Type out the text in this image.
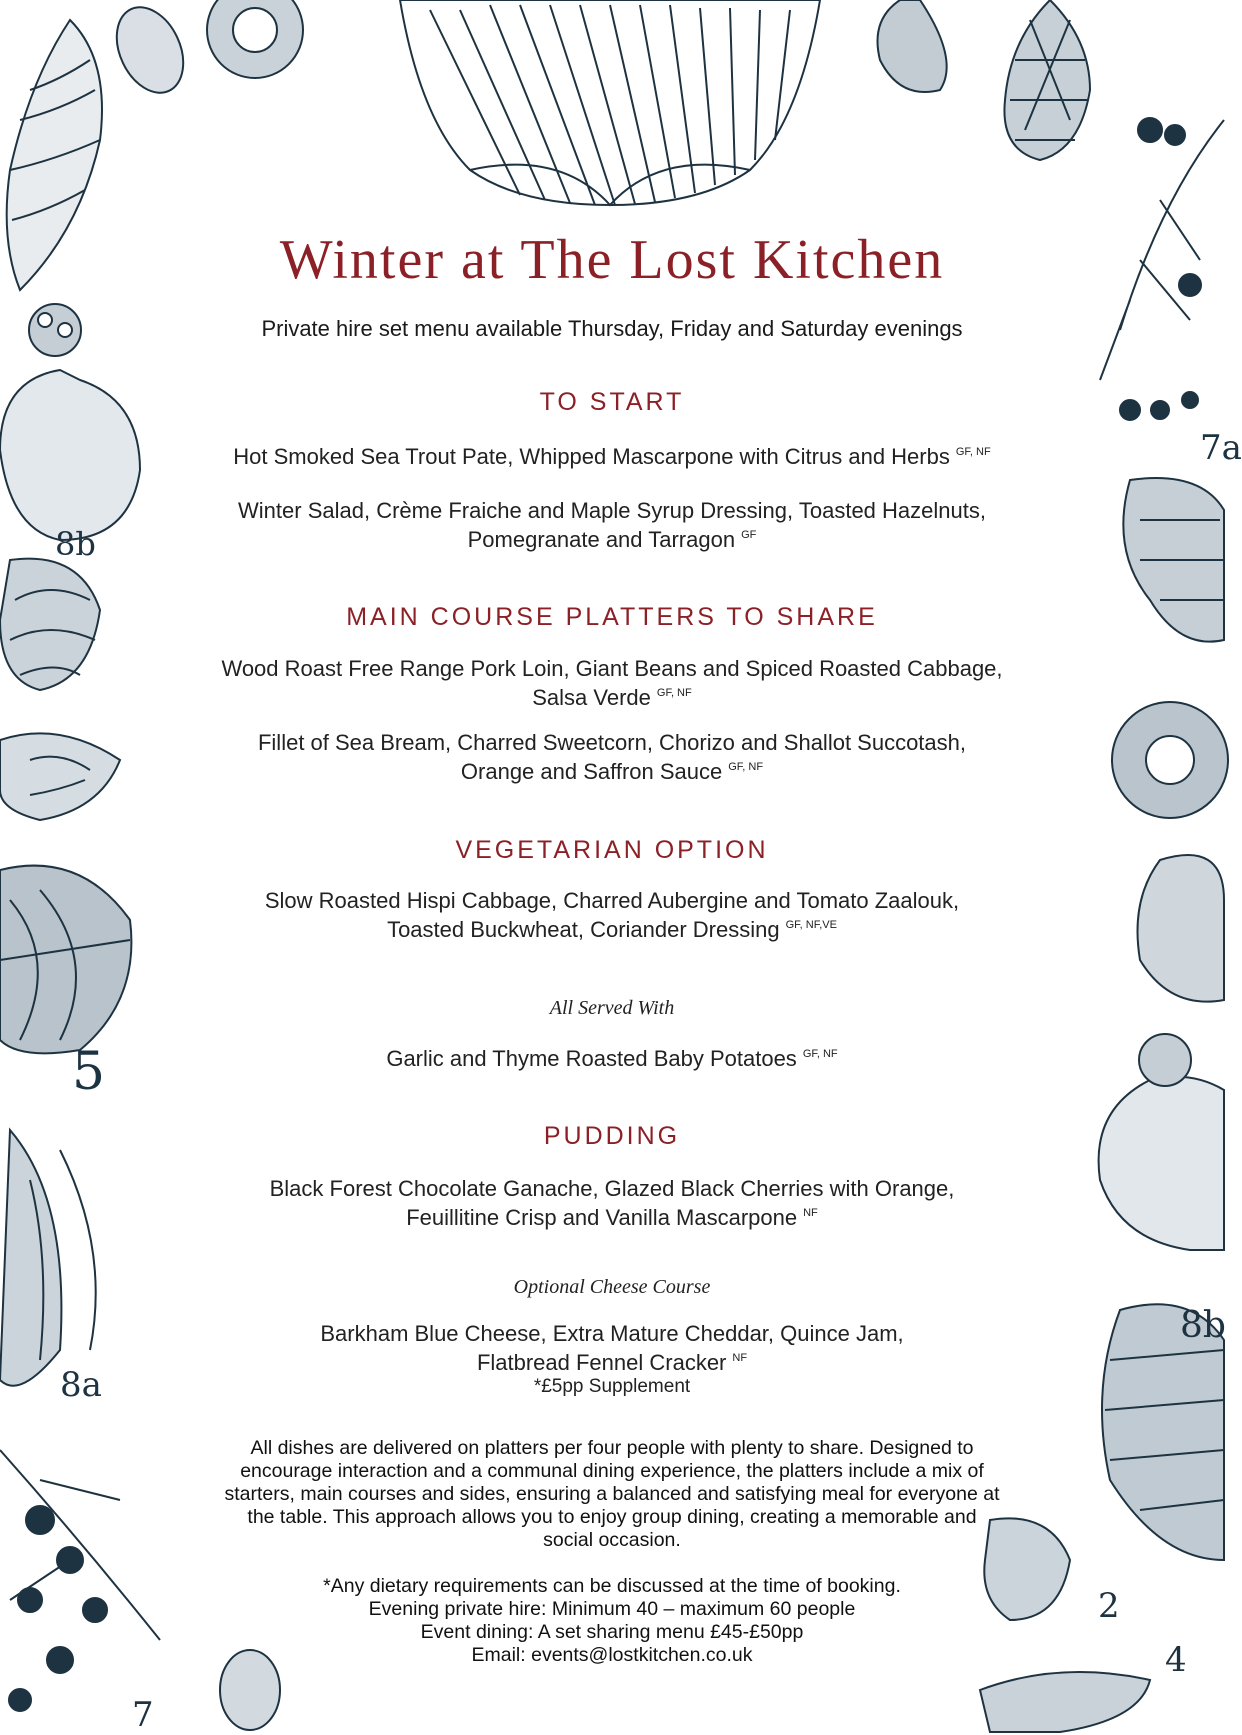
8b
5
8a
7a
8b
2
4
7
Winter at The Lost Kitchen
Private hire set menu available Thursday, Friday and Saturday evenings
TO START
Hot Smoked Sea Trout Pate, Whipped Mascarpone with Citrus and Herbs $^{GF, NF}$
Winter Salad, Crème Fraiche and Maple Syrup Dressing, Toasted Hazelnuts,
Pomegranate and Tarragon $^{GF}$
MAIN COURSE PLATTERS TO SHARE
Wood Roast Free Range Pork Loin, Giant Beans and Spiced Roasted Cabbage,
Salsa Verde $^{GF, NF}$
Fillet of Sea Bream, Charred Sweetcorn, Chorizo and Shallot Succotash,
Orange and Saffron Sauce $^{GF, NF}$
VEGETARIAN OPTION
Slow Roasted Hispi Cabbage, Charred Aubergine and Tomato Zaalouk,
Toasted Buckwheat, Coriander Dressing $^{GF, NF,VE}$
All Served With
Garlic and Thyme Roasted Baby Potatoes $^{GF, NF}$
PUDDING
Black Forest Chocolate Ganache, Glazed Black Cherries with Orange,
Feuillitine Crisp and Vanilla Mascarpone $^{NF}$
Optional Cheese Course
Barkham Blue Cheese, Extra Mature Cheddar, Quince Jam,
Flatbread Fennel Cracker $^{NF}$
*£5pp Supplement
All dishes are delivered on platters per four people with plenty to share. Designed to encourage interaction and a communal dining experience, the platters include a mix of starters, main courses and sides, ensuring a balanced and satisfying meal for everyone at the table. This approach allows you to enjoy group dining, creating a memorable and social occasion.
*Any dietary requirements can be discussed at the time of booking.
Evening private hire: Minimum 40 – maximum 60 people
Event dining: A set sharing menu £45-£50pp
Email: events@lostkitchen.co.uk
